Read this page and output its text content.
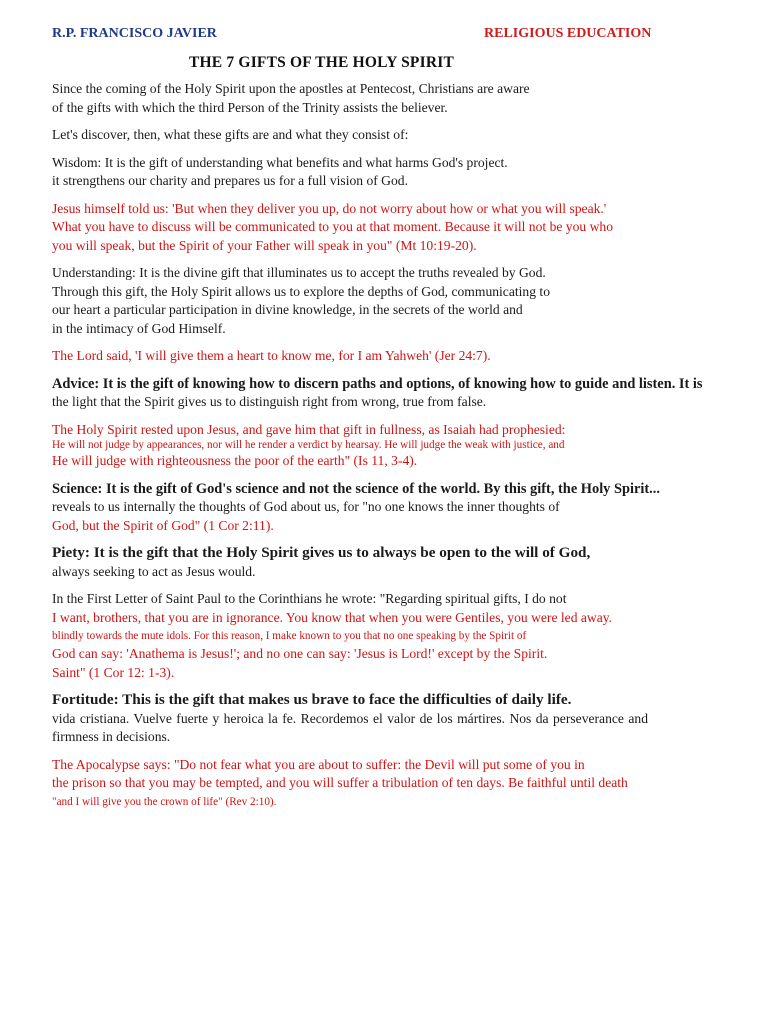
R.P. FRANCISCO JAVIER	RELIGIOUS EDUCATION
THE 7 GIFTS OF THE HOLY SPIRIT

Since the coming of the Holy Spirit upon the apostles at Pentecost, Christians are aware

of the gifts with which the third Person of the Trinity assists the believer.

Let's discover, then, what these gifts are and what they consist of:

Wisdom: It is the gift of understanding what benefits and what harms God's project.

it strengthens our charity and prepares us for a full vision of God.

Jesus himself told us: 'But when they deliver you up, do not worry about how or what you will speak.'

What you have to discuss will be communicated to you at that moment. Because it will not be you who

you will speak, but the Spirit of your Father will speak in you" (Mt 10:19-20).

Understanding: It is the divine gift that illuminates us to accept the truths revealed by God.

Through this gift, the Holy Spirit allows us to explore the depths of God, communicating to

our heart a particular participation in divine knowledge, in the secrets of the world and

in the intimacy of God Himself.

The Lord said, 'I will give them a heart to know me, for I am Yahweh' (Jer 24:7).

Advice: It is the gift of knowing how to discern paths and options, of knowing how to guide and listen. It is

the light that the Spirit gives us to distinguish right from wrong, true from false.

The Holy Spirit rested upon Jesus, and gave him that gift in fullness, as Isaiah had prophesied:

He will not judge by appearances, nor will he render a verdict by hearsay. He will judge the weak with justice, and

He will judge with righteousness the poor of the earth" (Is 11, 3-4).

Science: It is the gift of God's science and not the science of the world. By this gift, the Holy Spirit...

reveals to us internally the thoughts of God about us, for "no one knows the inner thoughts of

God, but the Spirit of God" (1 Cor 2:11).

Piety: It is the gift that the Holy Spirit gives us to always be open to the will of God,

always seeking to act as Jesus would.

In the First Letter of Saint Paul to the Corinthians he wrote: "Regarding spiritual gifts, I do not

I want, brothers, that you are in ignorance. You know that when you were Gentiles, you were led away.

blindly towards the mute idols. For this reason, I make known to you that no one speaking by the Spirit of

God can say: 'Anathema is Jesus!'; and no one can say: 'Jesus is Lord!' except by the Spirit.

Saint" (1 Cor 12: 1-3).

Fortitude: This is the gift that makes us brave to face the difficulties of daily life.

vida cristiana. Vuelve fuerte y heroica la fe. Recordemos el valor de los mártires. Nos da perseverance and firmness in decisions.

The Apocalypse says: "Do not fear what you are about to suffer: the Devil will put some of you in

the prison so that you may be tempted, and you will suffer a tribulation of ten days. Be faithful until death

"and I will give you the crown of life" (Rev 2:10).
